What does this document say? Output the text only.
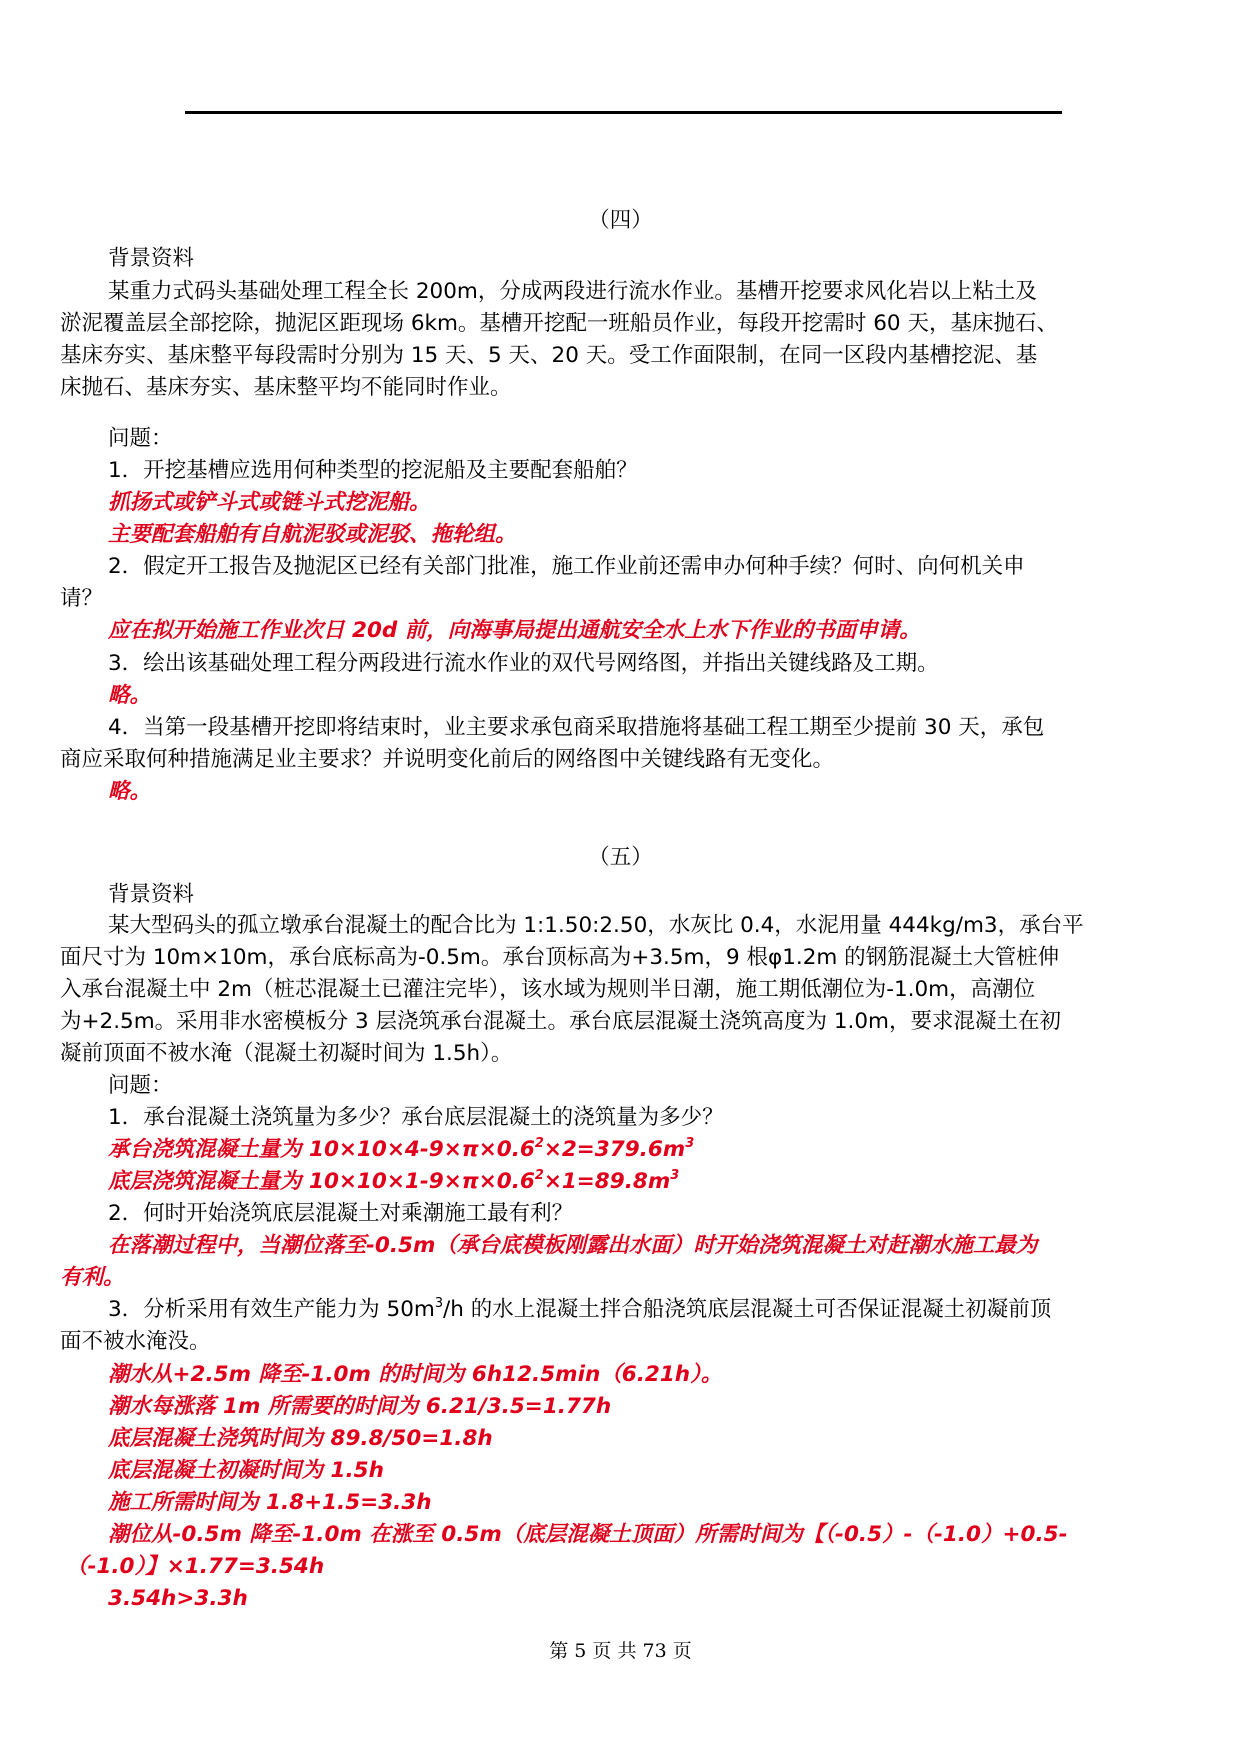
（四）
背景资料
某重力式码头基础处理工程全长 200m，分成两段进行流水作业。基槽开挖要求风化岩以上粘土及
淤泥覆盖层全部挖除，抛泥区距现场 6km。基槽开挖配一班船员作业，每段开挖需时 60 天，基床抛石、
基床夯实、基床整平每段需时分别为 15 天、5 天、20 天。受工作面限制，在同一区段内基槽挖泥、基
床抛石、基床夯实、基床整平均不能同时作业。
问题：
1．开挖基槽应选用何种类型的挖泥船及主要配套船舶？
抓扬式或铲斗式或链斗式挖泥船。
主要配套船舶有自航泥驳或泥驳、拖轮组。
2．假定开工报告及抛泥区已经有关部门批准，施工作业前还需申办何种手续？何时、向何机关申
请？
应在拟开始施工作业次日 20d 前，向海事局提出通航安全水上水下作业的书面申请。
3．绘出该基础处理工程分两段进行流水作业的双代号网络图，并指出关键线路及工期。
略。
4．当第一段基槽开挖即将结束时，业主要求承包商采取措施将基础工程工期至少提前 30 天，承包
商应采取何种措施满足业主要求？并说明变化前后的网络图中关键线路有无变化。
略。
（五）
背景资料
某大型码头的孤立墩承台混凝土的配合比为 1:1.50:2.50，水灰比 0.4，水泥用量 444kg/m3，承台平
面尺寸为 10m×10m，承台底标高为-0.5m。承台顶标高为+3.5m，9 根φ1.2m 的钢筋混凝土大管桩伸
入承台混凝土中 2m（桩芯混凝土已灌注完毕），该水域为规则半日潮，施工期低潮位为-1.0m，高潮位
为+2.5m。采用非水密模板分 3 层浇筑承台混凝土。承台底层混凝土浇筑高度为 1.0m，要求混凝土在初
凝前顶面不被水淹（混凝土初凝时间为 1.5h）。
问题：
1．承台混凝土浇筑量为多少？承台底层混凝土的浇筑量为多少？
承台浇筑混凝土量为 $10\times 10\times 4-9\times\pi\times 0.6^2\times 2=379.6m^3$
底层浇筑混凝土量为 $10\times 10\times 1-9\times\pi\times 0.6^2\times 1=89.8m^3$
2．何时开始浇筑底层混凝土对乘潮施工最有利？
在落潮过程中，当潮位落至-0.5m（承台底模板刚露出水面）时开始浇筑混凝土对赶潮水施工最为
有利。
3．分析采用有效生产能力为 $50m^3/h$ 的水上混凝土拌合船浇筑底层混凝土可否保证混凝土初凝前顶
面不被水淹没。
潮水从+2.5m 降至-1.0m 的时间为 6h12.5min（6.21h）。
潮水每涨落 1m 所需要的时间为 6.21/3.5=1.77h
底层混凝土浇筑时间为 89.8/50=1.8h
底层混凝土初凝时间为 1.5h
施工所需时间为 1.8+1.5=3.3h
潮位从-0.5m 降至-1.0m 在涨至 0.5m（底层混凝土顶面）所需时间为【（-0.5）-（-1.0）+0.5-
（-1.0）】×1.77=3.54h
3.54h>3.3h
第 5 页 共 73 页
